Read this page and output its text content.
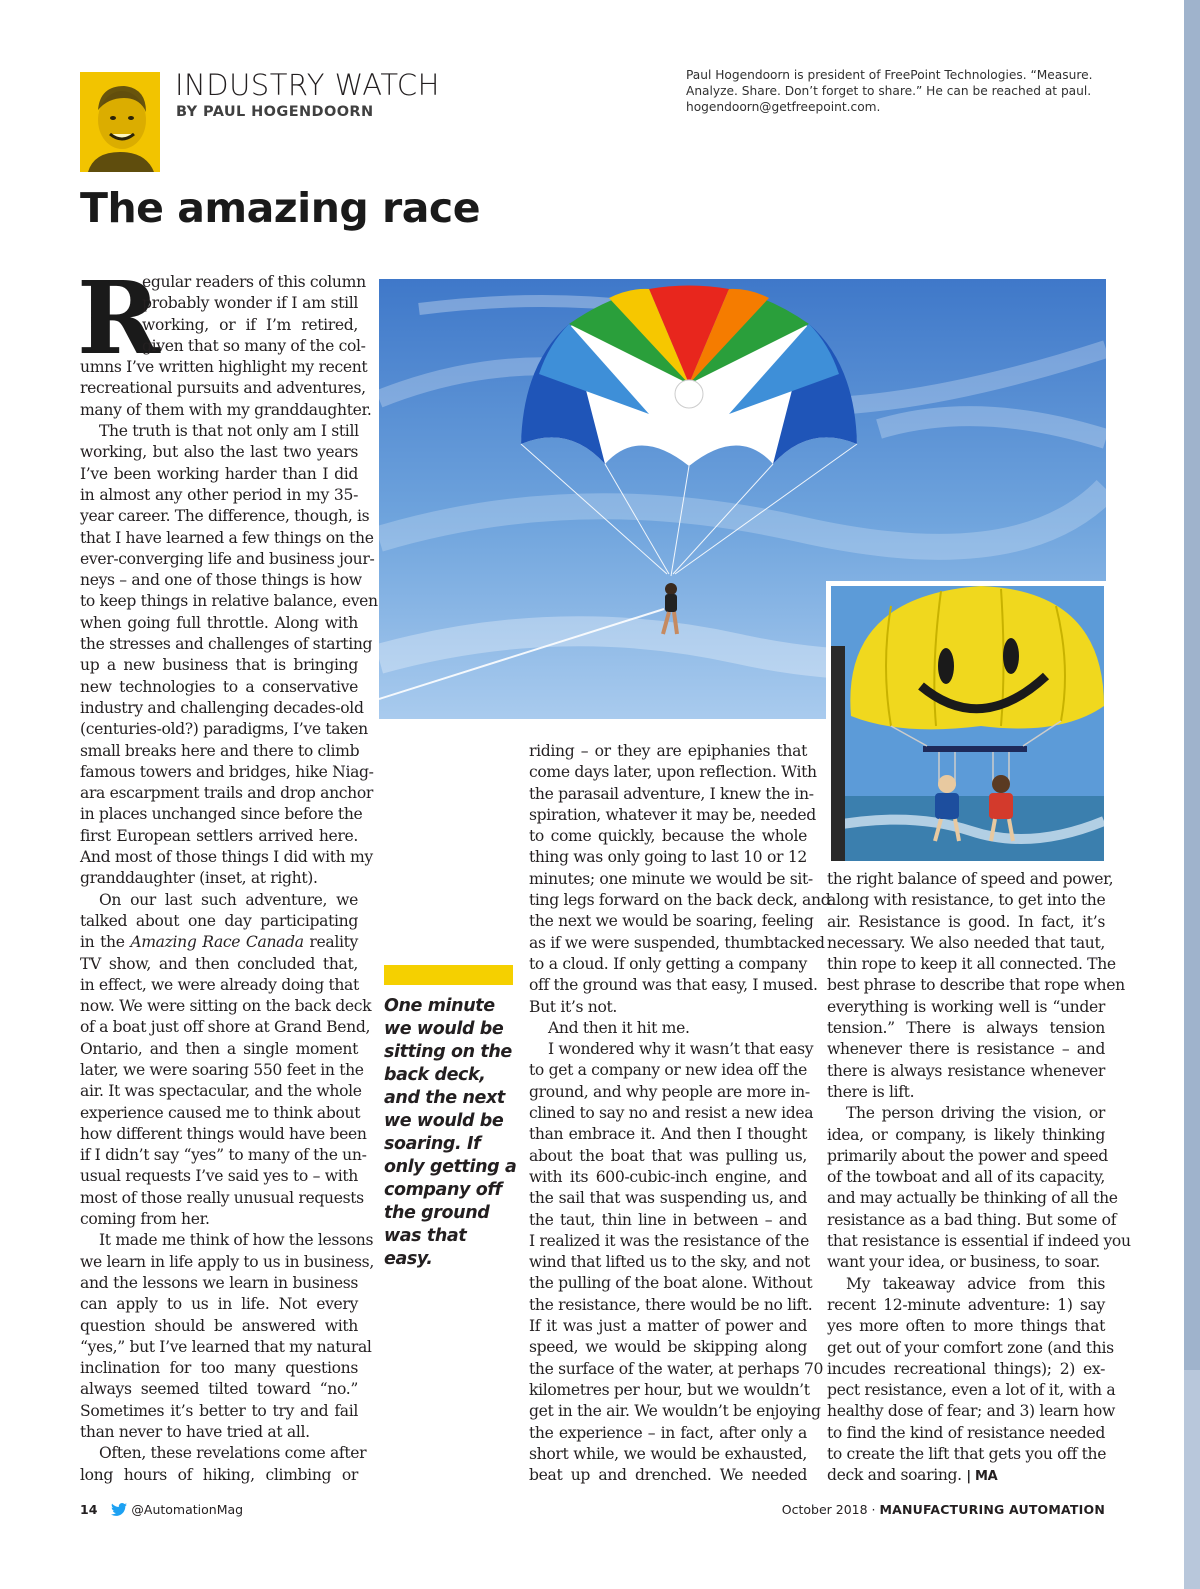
INDUSTRY WATCH
BY PAUL HOGENDOORN
Paul Hogendoorn is president of FreePoint Technologies. “Measure.
Analyze. Share. Don’t forget to share.” He can be reached at paul.
hogendoorn@getfreepoint.com.
The amazing race
R
egular readers of this column
probably wonder if I am still
working, or if I’m retired,
given that so many of the col-
umns I’ve written highlight my recent
recreational pursuits and adventures,
many of them with my granddaughter.
The truth is that not only am I still
working, but also the last two years
I’ve been working harder than I did
in almost any other period in my 35-
year career. The difference, though, is
that I have learned a few things on the
ever-converging life and business jour-
neys – and one of those things is how
to keep things in relative balance, even
when going full throttle. Along with
the stresses and challenges of starting
up a new business that is bringing
new technologies to a conservative
industry and challenging decades-old
(centuries-old?) paradigms, I’ve taken
small breaks here and there to climb
famous towers and bridges, hike Niag-
ara escarpment trails and drop anchor
in places unchanged since before the
first European settlers arrived here.
And most of those things I did with my
granddaughter (inset, at right).
On our last such adventure, we
talked about one day participating
in the Amazing Race Canada reality
TV show, and then concluded that,
in effect, we were already doing that
now. We were sitting on the back deck
of a boat just off shore at Grand Bend,
Ontario, and then a single moment
later, we were soaring 550 feet in the
air. It was spectacular, and the whole
experience caused me to think about
how different things would have been
if I didn’t say “yes” to many of the un-
usual requests I’ve said yes to – with
most of those really unusual requests
coming from her.
It made me think of how the lessons
we learn in life apply to us in business,
and the lessons we learn in business
can apply to us in life. Not every
question should be answered with
“yes,” but I’ve learned that my natural
inclination for too many questions
always seemed tilted toward “no.”
Sometimes it’s better to try and fail
than never to have tried at all.
Often, these revelations come after
long hours of hiking, climbing or
One minute
we would be
sitting on the
back deck,
and the next
we would be
soaring. If
only getting a
company off
the ground
was that
easy.
riding – or they are epiphanies that
come days later, upon reflection. With
the parasail adventure, I knew the in-
spiration, whatever it may be, needed
to come quickly, because the whole
thing was only going to last 10 or 12
minutes; one minute we would be sit-
ting legs forward on the back deck, and
the next we would be soaring, feeling
as if we were suspended, thumbtacked
to a cloud. If only getting a company
off the ground was that easy, I mused.
But it’s not.
And then it hit me.
I wondered why it wasn’t that easy
to get a company or new idea off the
ground, and why people are more in-
clined to say no and resist a new idea
than embrace it. And then I thought
about the boat that was pulling us,
with its 600-cubic-inch engine, and
the sail that was suspending us, and
the taut, thin line in between – and
I realized it was the resistance of the
wind that lifted us to the sky, and not
the pulling of the boat alone. Without
the resistance, there would be no lift.
If it was just a matter of power and
speed, we would be skipping along
the surface of the water, at perhaps 70
kilometres per hour, but we wouldn’t
get in the air. We wouldn’t be enjoying
the experience – in fact, after only a
short while, we would be exhausted,
beat up and drenched. We needed
the right balance of speed and power,
along with resistance, to get into the
air. Resistance is good. In fact, it’s
necessary. We also needed that taut,
thin rope to keep it all connected. The
best phrase to describe that rope when
everything is working well is “under
tension.” There is always tension
whenever there is resistance – and
there is always resistance whenever
there is lift.
The person driving the vision, or
idea, or company, is likely thinking
primarily about the power and speed
of the towboat and all of its capacity,
and may actually be thinking of all the
resistance as a bad thing. But some of
that resistance is essential if indeed you
want your idea, or business, to soar.
My takeaway advice from this
recent 12-minute adventure: 1) say
yes more often to more things that
get out of your comfort zone (and this
incudes recreational things); 2) ex-
pect resistance, even a lot of it, with a
healthy dose of fear; and 3) learn how
to find the kind of resistance needed
to create the lift that gets you off the
deck and soaring. | MA
14	@AutomationMag	October 2018 · MANUFACTURING AUTOMATION
